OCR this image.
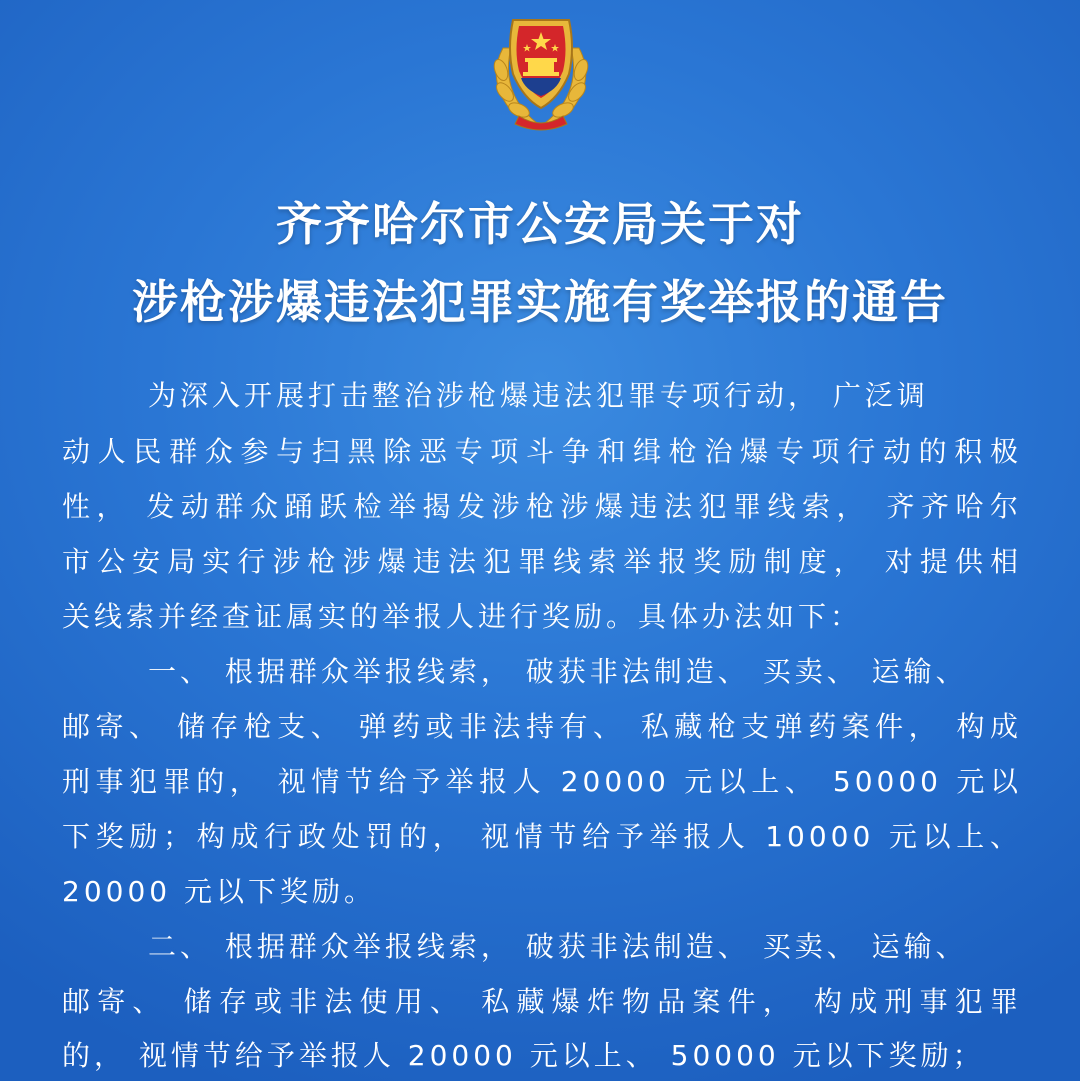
齐齐哈尔市公安局关于对
涉枪涉爆违法犯罪实施有奖举报的通告
为深入开展打击整治涉枪爆违法犯罪专项行动， 广泛调
动人民群众参与扫黑除恶专项斗争和缉枪治爆专项行动的积极
性， 发动群众踊跃检举揭发涉枪涉爆违法犯罪线索， 齐齐哈尔
市公安局实行涉枪涉爆违法犯罪线索举报奖励制度， 对提供相
关线索并经查证属实的举报人进行奖励。具体办法如下：
一、 根据群众举报线索， 破获非法制造、 买卖、 运输、
邮寄、 储存枪支、 弹药或非法持有、 私藏枪支弹药案件， 构成
刑事犯罪的， 视情节给予举报人 20000 元以上、 50000 元以
下奖励；构成行政处罚的， 视情节给予举报人 10000 元以上、
20000 元以下奖励。
二、 根据群众举报线索， 破获非法制造、 买卖、 运输、
邮寄、 储存或非法使用、 私藏爆炸物品案件， 构成刑事犯罪
的， 视情节给予举报人 20000 元以上、 50000 元以下奖励；
